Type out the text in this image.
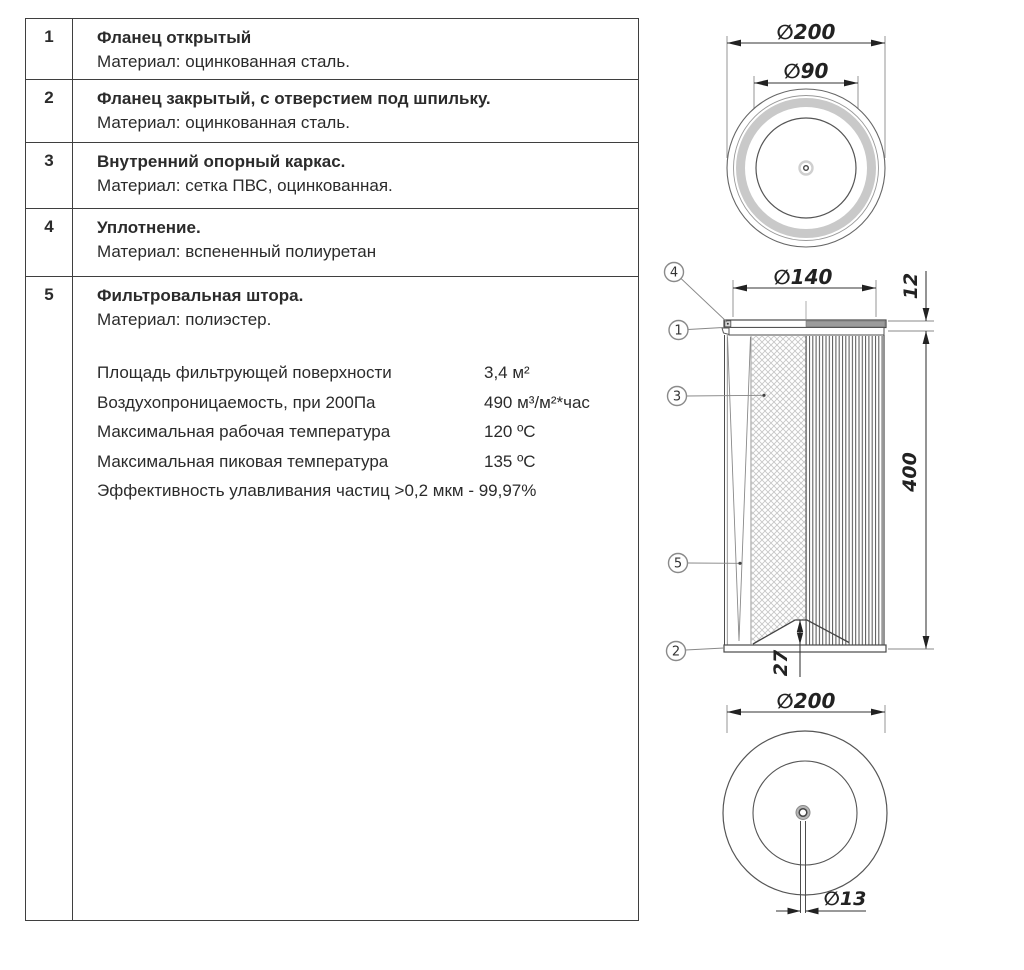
1	Фланец открытый
Материал: оцинкованная сталь.
2	Фланец закрытый, с отверстием под шпильку.
Материал: оцинкованная сталь.
3	Внутренний опорный каркас.
Материал: сетка ПВС, оцинкованная.
4	Уплотнение.
Материал: вспененный полиуретан
5	Фильтровальная штора.
Материал: полиэстер.
Площадь фильтрующей поверхности	3,4 м²
Воздухопроницаемость, при 200Па	490 м³/м²*час
Максимальная рабочая температура	120 ºС
Максимальная пиковая температура	135 ºС
Эффективность улавливания частиц >0,2 мкм - 99,97%
∅200
∅90
∅140	12
400
27
4
1
3
5
2
∅200
∅13
